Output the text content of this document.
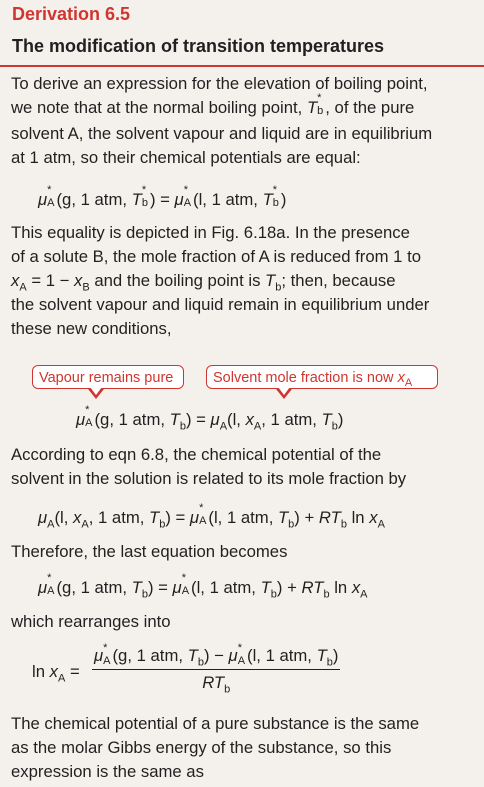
Derivation 6.5
The modification of transition temperatures
To derive an expression for the elevation of boiling point,
we note that at the normal boiling point, T *
b , of the pure
solvent A, the solvent vapour and liquid are in equilibrium
at 1 atm, so their chemical potentials are equal:
μ *
A (g, 1 atm, T *
b ) = μ *
A (l, 1 atm, T *
b )
This equality is depicted in Fig. 6.18a. In the presence
of a solute B, the mole fraction of A is reduced from 1 to
$x_A = 1 - x_B$ and the boiling point is $T_b$; then, because
the solvent vapour and liquid remain in equilibrium under
these new conditions,
Vapour remains pure	Solvent mole fraction is now $x_A$
μ *
A (g, 1 atm, $T_b) = \mu_A(l$, $x_A$, 1 atm, $T_b$)
According to eqn 6.8, the chemical potential of the
solvent in the solution is related to its mole fraction by
$\mu_A(l$, $x_A$, 1 atm, $T_b) = \mu$ *
A (l, 1 atm, $T_b) + RT_b$ $\ln x_A$
Therefore, the last equation becomes
μ *
A (g, 1 atm, $T_b) = \mu$ *
A (l, 1 atm, $T_b) + RT_b$ $\ln x_A$
which rearranges into
$\ln x_A$ =
μ *
A (g, 1 atm, $T_b) - \mu$ *
A (l, 1 atm, $T_b$)
$RT_b$
The chemical potential of a pure substance is the same
as the molar Gibbs energy of the substance, so this
expression is the same as
